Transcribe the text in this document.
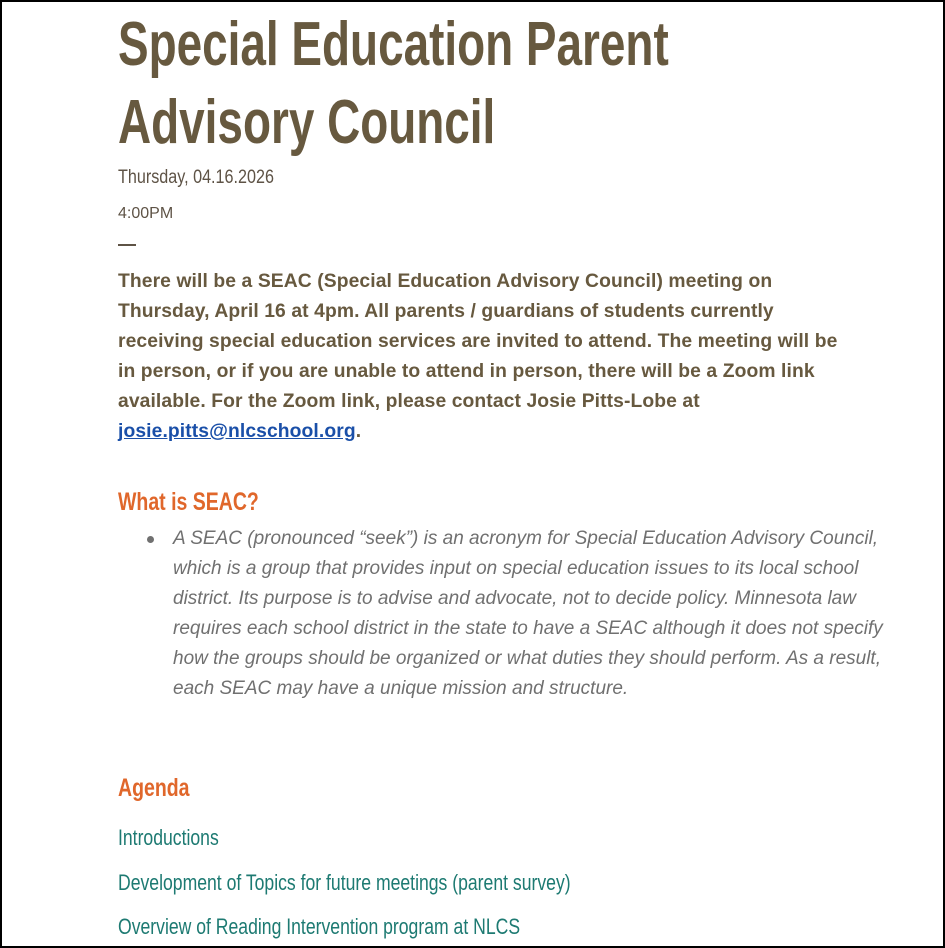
Special Education Parent
Advisory Council
Thursday, 04.16.2026
4:00PM

There will be a SEAC (Special Education Advisory Council) meeting on Thursday, April 16 at 4pm. All parents / guardians of students currently receiving special education services are invited to attend. The meeting will be in person, or if you are unable to attend in person, there will be a Zoom link available. For the Zoom link, please contact Josie Pitts-Lobe at josie.pitts@nlcschool.org.

What is SEAC?
A SEAC (pronounced “seek”) is an acronym for Special Education Advisory Council, which is a group that provides input on special education issues to its local school district. Its purpose is to advise and advocate, not to decide policy. Minnesota law requires each school district in the state to have a SEAC although it does not specify how the groups should be organized or what duties they should perform. As a result, each SEAC may have a unique mission and structure.
Agenda
Introductions
Development of Topics for future meetings (parent survey)
Overview of Reading Intervention program at NLCS
